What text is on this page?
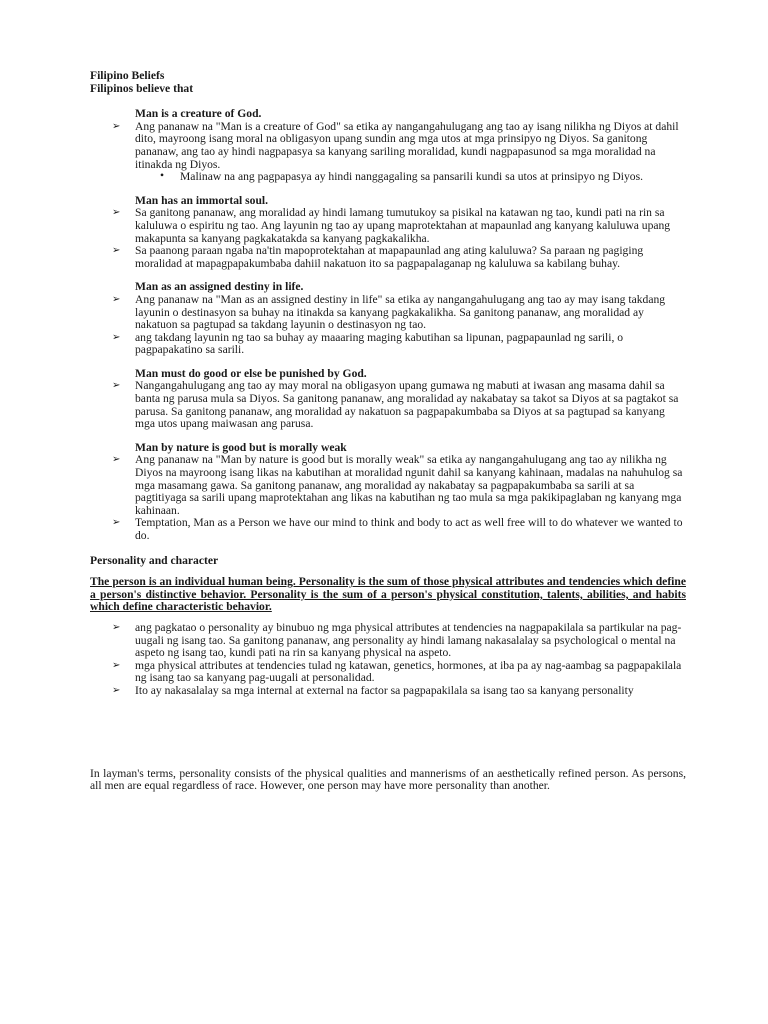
Filipino Beliefs
Filipinos believe that
Man is a creature of God.
➢ Ang pananaw na "Man is a creature of God" sa etika ay nangangahulugang ang tao ay isang nilikha ng Diyos at dahil dito, mayroong isang moral na obligasyon upang sundin ang mga utos at mga prinsipyo ng Diyos. Sa ganitong pananaw, ang tao ay hindi nagpapasya sa kanyang sariling moralidad, kundi nagpapasunod sa mga moralidad na itinakda ng Diyos.
• Malinaw na ang pagpapasya ay hindi nanggagaling sa pansarili kundi sa utos at prinsipyo ng Diyos.
Man has an immortal soul.
➢ Sa ganitong pananaw, ang moralidad ay hindi lamang tumutukoy sa pisikal na katawan ng tao, kundi pati na rin sa kaluluwa o espiritu ng tao. Ang layunin ng tao ay upang maprotektahan at mapaunlad ang kanyang kaluluwa upang makapunta sa kanyang pagkakatakda sa kanyang pagkakalikha.
➢ Sa paanong paraan ngaba na'tin mapoprotektahan at mapapaunlad ang ating kaluluwa? Sa paraan ng pagiging moralidad at mapagpapakumbaba dahiil nakatuon ito sa pagpapalaganap ng kaluluwa sa kabilang buhay.
Man as an assigned destiny in life.
➢ Ang pananaw na "Man as an assigned destiny in life" sa etika ay nangangahulugang ang tao ay may isang takdang layunin o destinasyon sa buhay na itinakda sa kanyang pagkakalikha. Sa ganitong pananaw, ang moralidad ay nakatuon sa pagtupad sa takdang layunin o destinasyon ng tao.
➢ ang takdang layunin ng tao sa buhay ay maaaring maging kabutihan sa lipunan, pagpapaunlad ng sarili, o pagpapakatino sa sarili.
Man must do good or else be punished by God.
➢ Nangangahulugang ang tao ay may moral na obligasyon upang gumawa ng mabuti at iwasan ang masama dahil sa banta ng parusa mula sa Diyos. Sa ganitong pananaw, ang moralidad ay nakabatay sa takot sa Diyos at sa pagtakot sa parusa. Sa ganitong pananaw, ang moralidad ay nakatuon sa pagpapakumbaba sa Diyos at sa pagtupad sa kanyang mga utos upang maiwasan ang parusa.
Man by nature is good but is morally weak
➢ Ang pananaw na "Man by nature is good but is morally weak" sa etika ay nangangahulugang ang tao ay nilikha ng Diyos na mayroong isang likas na kabutihan at moralidad ngunit dahil sa kanyang kahinaan, madalas na nahuhulog sa mga masamang gawa. Sa ganitong pananaw, ang moralidad ay nakabatay sa pagpapakumbaba sa sarili at sa pagtitiyaga sa sarili upang maprotektahan ang likas na kabutihan ng tao mula sa mga pakikipaglaban ng kanyang mga kahinaan.
➢ Temptation, Man as a Person we have our mind to think and body to act as well free will to do whatever we wanted to do.
Personality and character
The person is an individual human being. Personality is the sum of those physical attributes and tendencies which define a person's distinctive behavior. Personality is the sum of a person's physical constitution, talents, abilities, and habits which define characteristic behavior.
➢ ang pagkatao o personality ay binubuo ng mga physical attributes at tendencies na nagpapakilala sa partikular na pag-uugali ng isang tao. Sa ganitong pananaw, ang personality ay hindi lamang nakasalalay sa psychological o mental na aspeto ng isang tao, kundi pati na rin sa kanyang physical na aspeto.
➢ mga physical attributes at tendencies tulad ng katawan, genetics, hormones, at iba pa ay nag-aambag sa pagpapakilala ng isang tao sa kanyang pag-uugali at personalidad.
➢ Ito ay nakasalalay sa mga internal at external na factor sa pagpapakilala sa isang tao sa kanyang personality
In layman's terms, personality consists of the physical qualities and mannerisms of an aesthetically refined person. As persons, all men are equal regardless of race. However, one person may have more personality than another.
